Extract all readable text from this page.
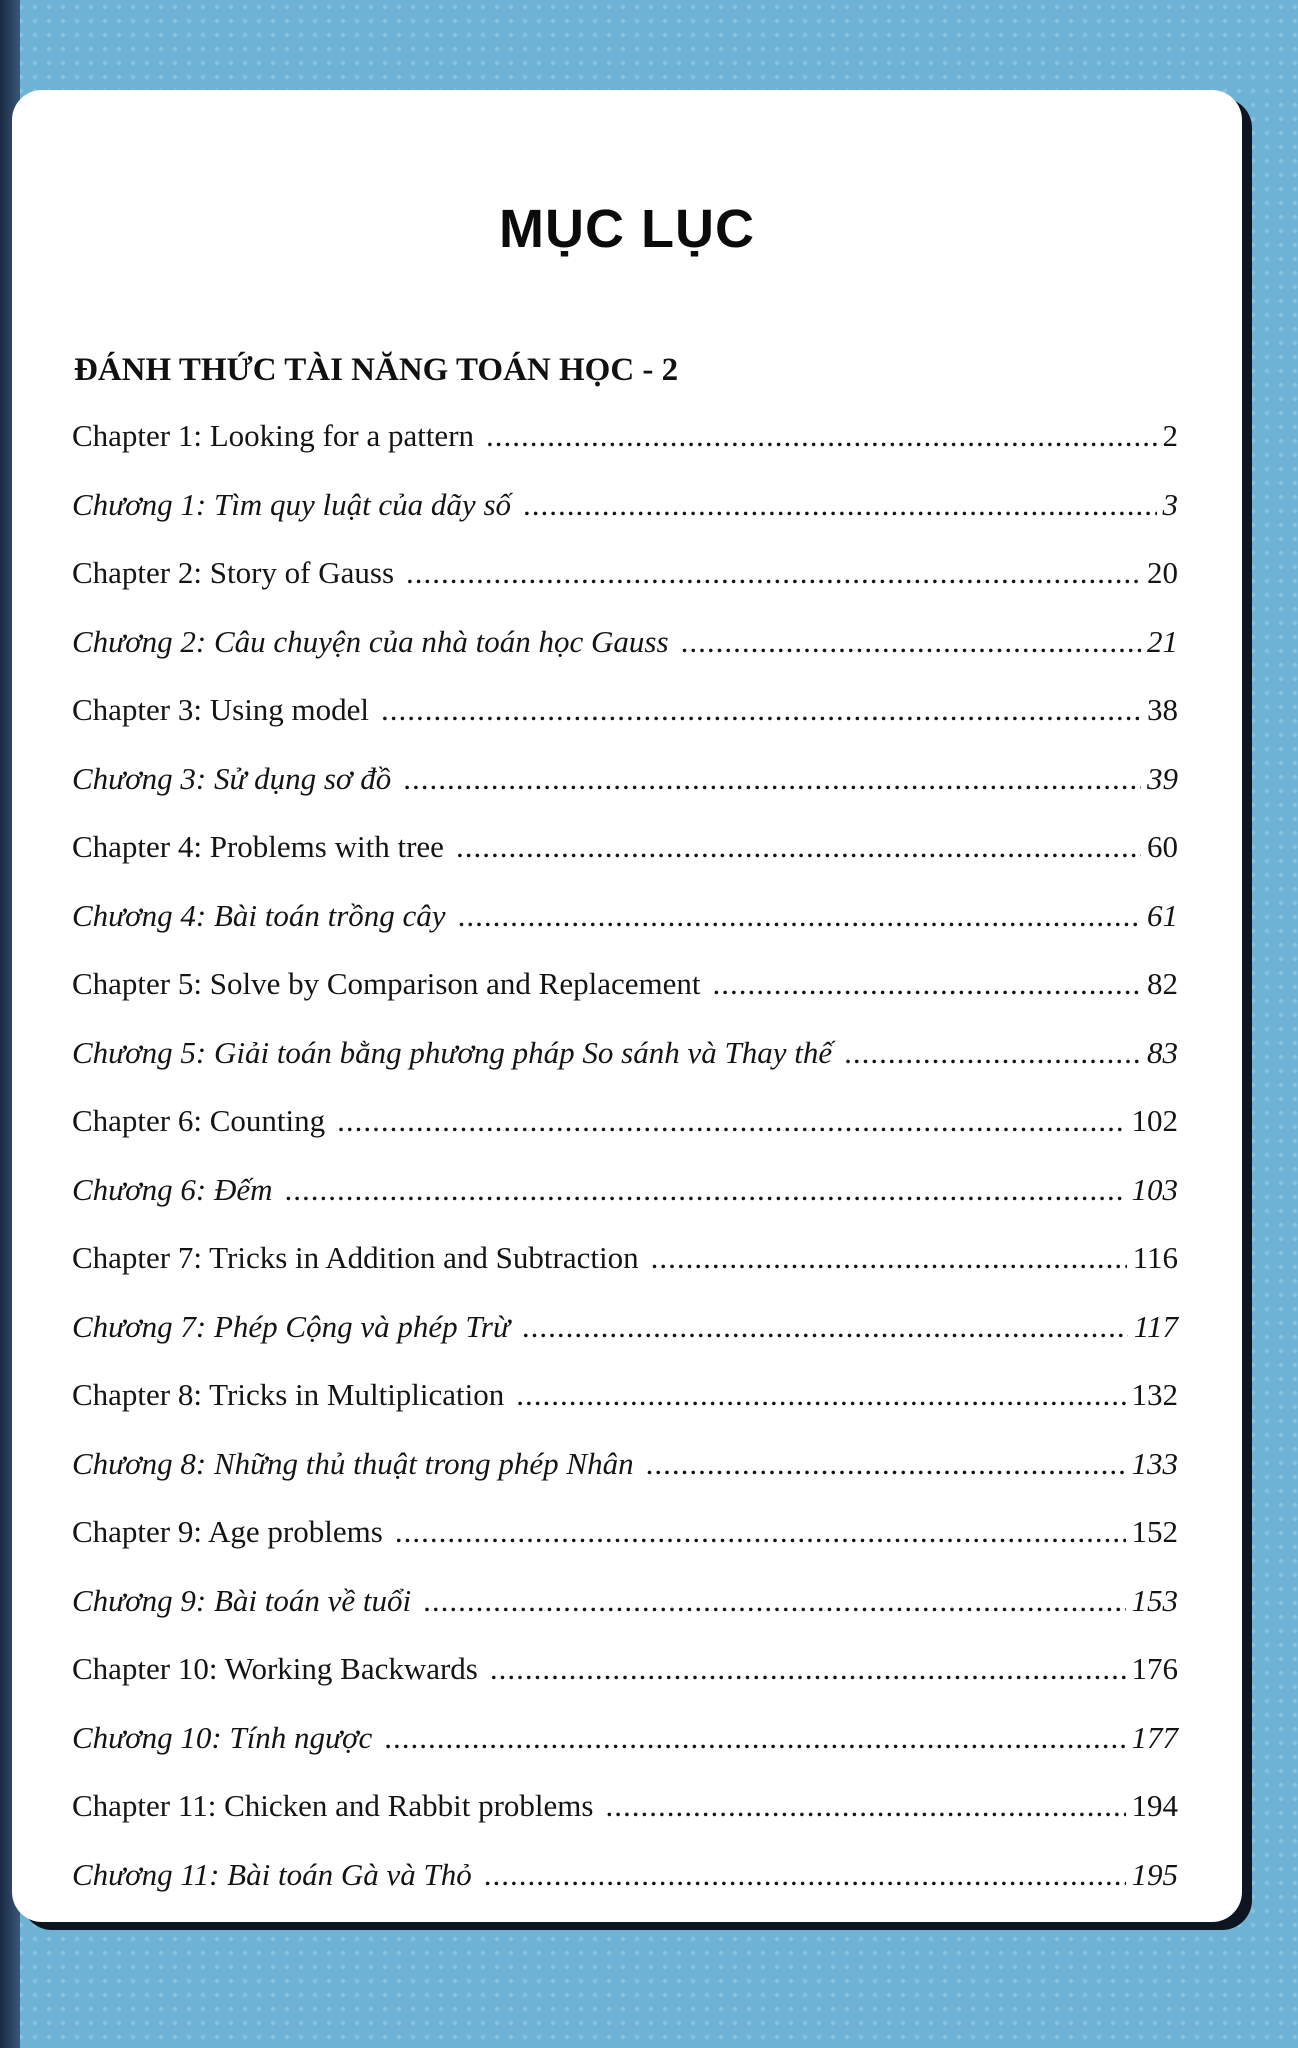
MỤC LỤC
ĐÁNH THỨC TÀI NĂNG TOÁN HỌC - 2
Chapter 1: Looking for a pattern .....	2
Chương 1: Tìm quy luật của dãy số .....	3
Chapter 2: Story of Gauss .....	20
Chương 2: Câu chuyện của nhà toán học Gauss .....	21
Chapter 3: Using model .....	38
Chương 3: Sử dụng sơ đồ .....	39
Chapter 4: Problems with tree .....	60
Chương 4: Bài toán trồng cây .....	61
Chapter 5: Solve by Comparison and Replacement .....	82
Chương 5: Giải toán bằng phương pháp So sánh và Thay thế .....	83
Chapter 6: Counting .....	102
Chương 6: Đếm .....	103
Chapter 7: Tricks in Addition and Subtraction .....	116
Chương 7: Phép Cộng và phép Trừ .....	117
Chapter 8: Tricks in Multiplication .....	132
Chương 8: Những thủ thuật trong phép Nhân .....	133
Chapter 9: Age problems .....	152
Chương 9: Bài toán về tuổi .....	153
Chapter 10: Working Backwards .....	176
Chương 10: Tính ngược .....	177
Chapter 11: Chicken and Rabbit problems .....	194
Chương 11: Bài toán Gà và Thỏ .....	195
